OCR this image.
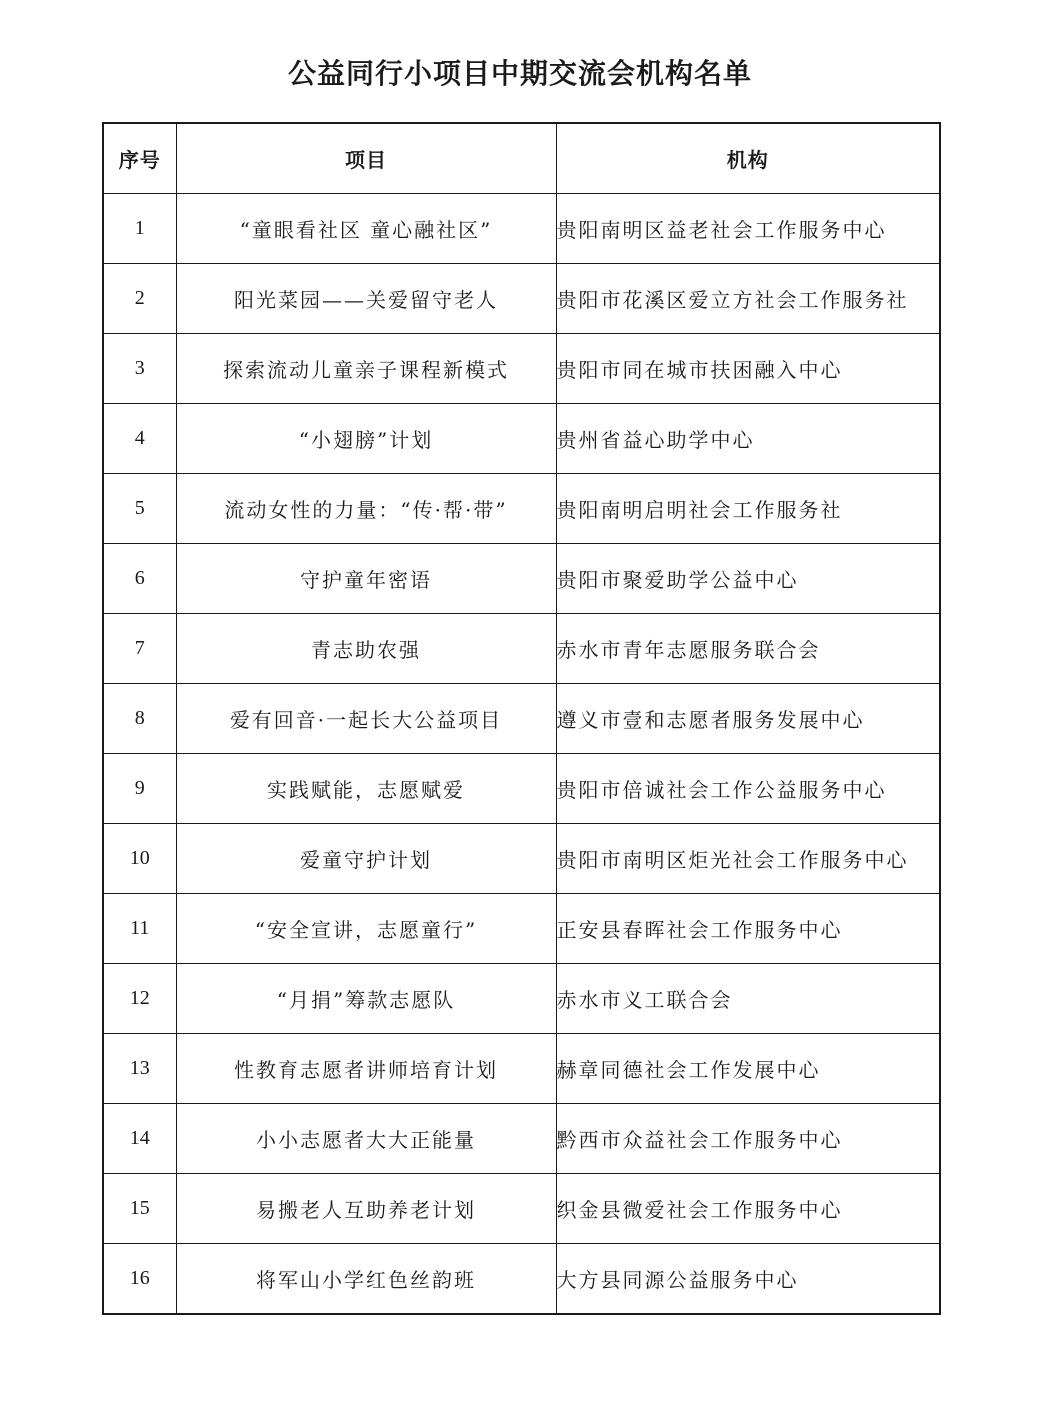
公益同行小项目中期交流会机构名单
序号	项目	机构
1	“童眼看社区 童心融社区”	贵阳南明区益老社会工作服务中心
2	阳光菜园——关爱留守老人	贵阳市花溪区爱立方社会工作服务社
3	探索流动儿童亲子课程新模式	贵阳市同在城市扶困融入中心
4	“小翅膀”计划	贵州省益心助学中心
5	流动女性的力量：“传·帮·带”	贵阳南明启明社会工作服务社
6	守护童年密语	贵阳市聚爱助学公益中心
7	青志助农强	赤水市青年志愿服务联合会
8	爱有回音·一起长大公益项目	遵义市壹和志愿者服务发展中心
9	实践赋能，志愿赋爱	贵阳市倍诚社会工作公益服务中心
10	爱童守护计划	贵阳市南明区炬光社会工作服务中心
11	“安全宣讲，志愿童行”	正安县春晖社会工作服务中心
12	“月捐”筹款志愿队	赤水市义工联合会
13	性教育志愿者讲师培育计划	赫章同德社会工作发展中心
14	小小志愿者大大正能量	黔西市众益社会工作服务中心
15	易搬老人互助养老计划	织金县微爱社会工作服务中心
16	将军山小学红色丝韵班	大方县同源公益服务中心
